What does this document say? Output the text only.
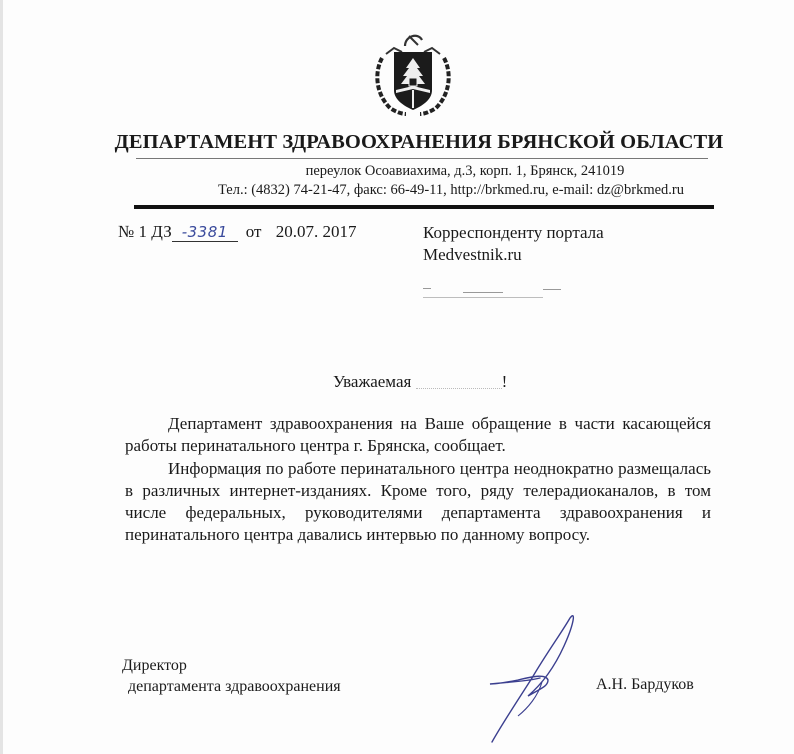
ДЕПАРТАМЕНТ ЗДРАВООХРАНЕНИЯ БРЯНСКОЙ ОБЛАСТИ
переулок Осоавиахима, д.3, корп. 1, Брянск, 241019
Тел.: (4832) 74-21-47, факс: 66-49-11, http://brkmed.ru, e-mail: dz@brkmed.ru
№ 1 ДЗ -3381 от 20.07. 2017	Корреспонденту портала
Medvestnik.ru
Уважаемая	!

Департамент здравоохранения на Ваше обращение в части касающейся работы перинатального центра г. Брянска, сообщает.

Информация по работе перинатального центра неоднократно размещалась в различных интернет-изданиях. Кроме того, ряду телерадиоканалов, в том числе федеральных, руководителями департамента здравоохранения и перинатального центра давались интервью по данному вопросу.

Директор
департамента здравоохранения	А.Н. Бардуков
